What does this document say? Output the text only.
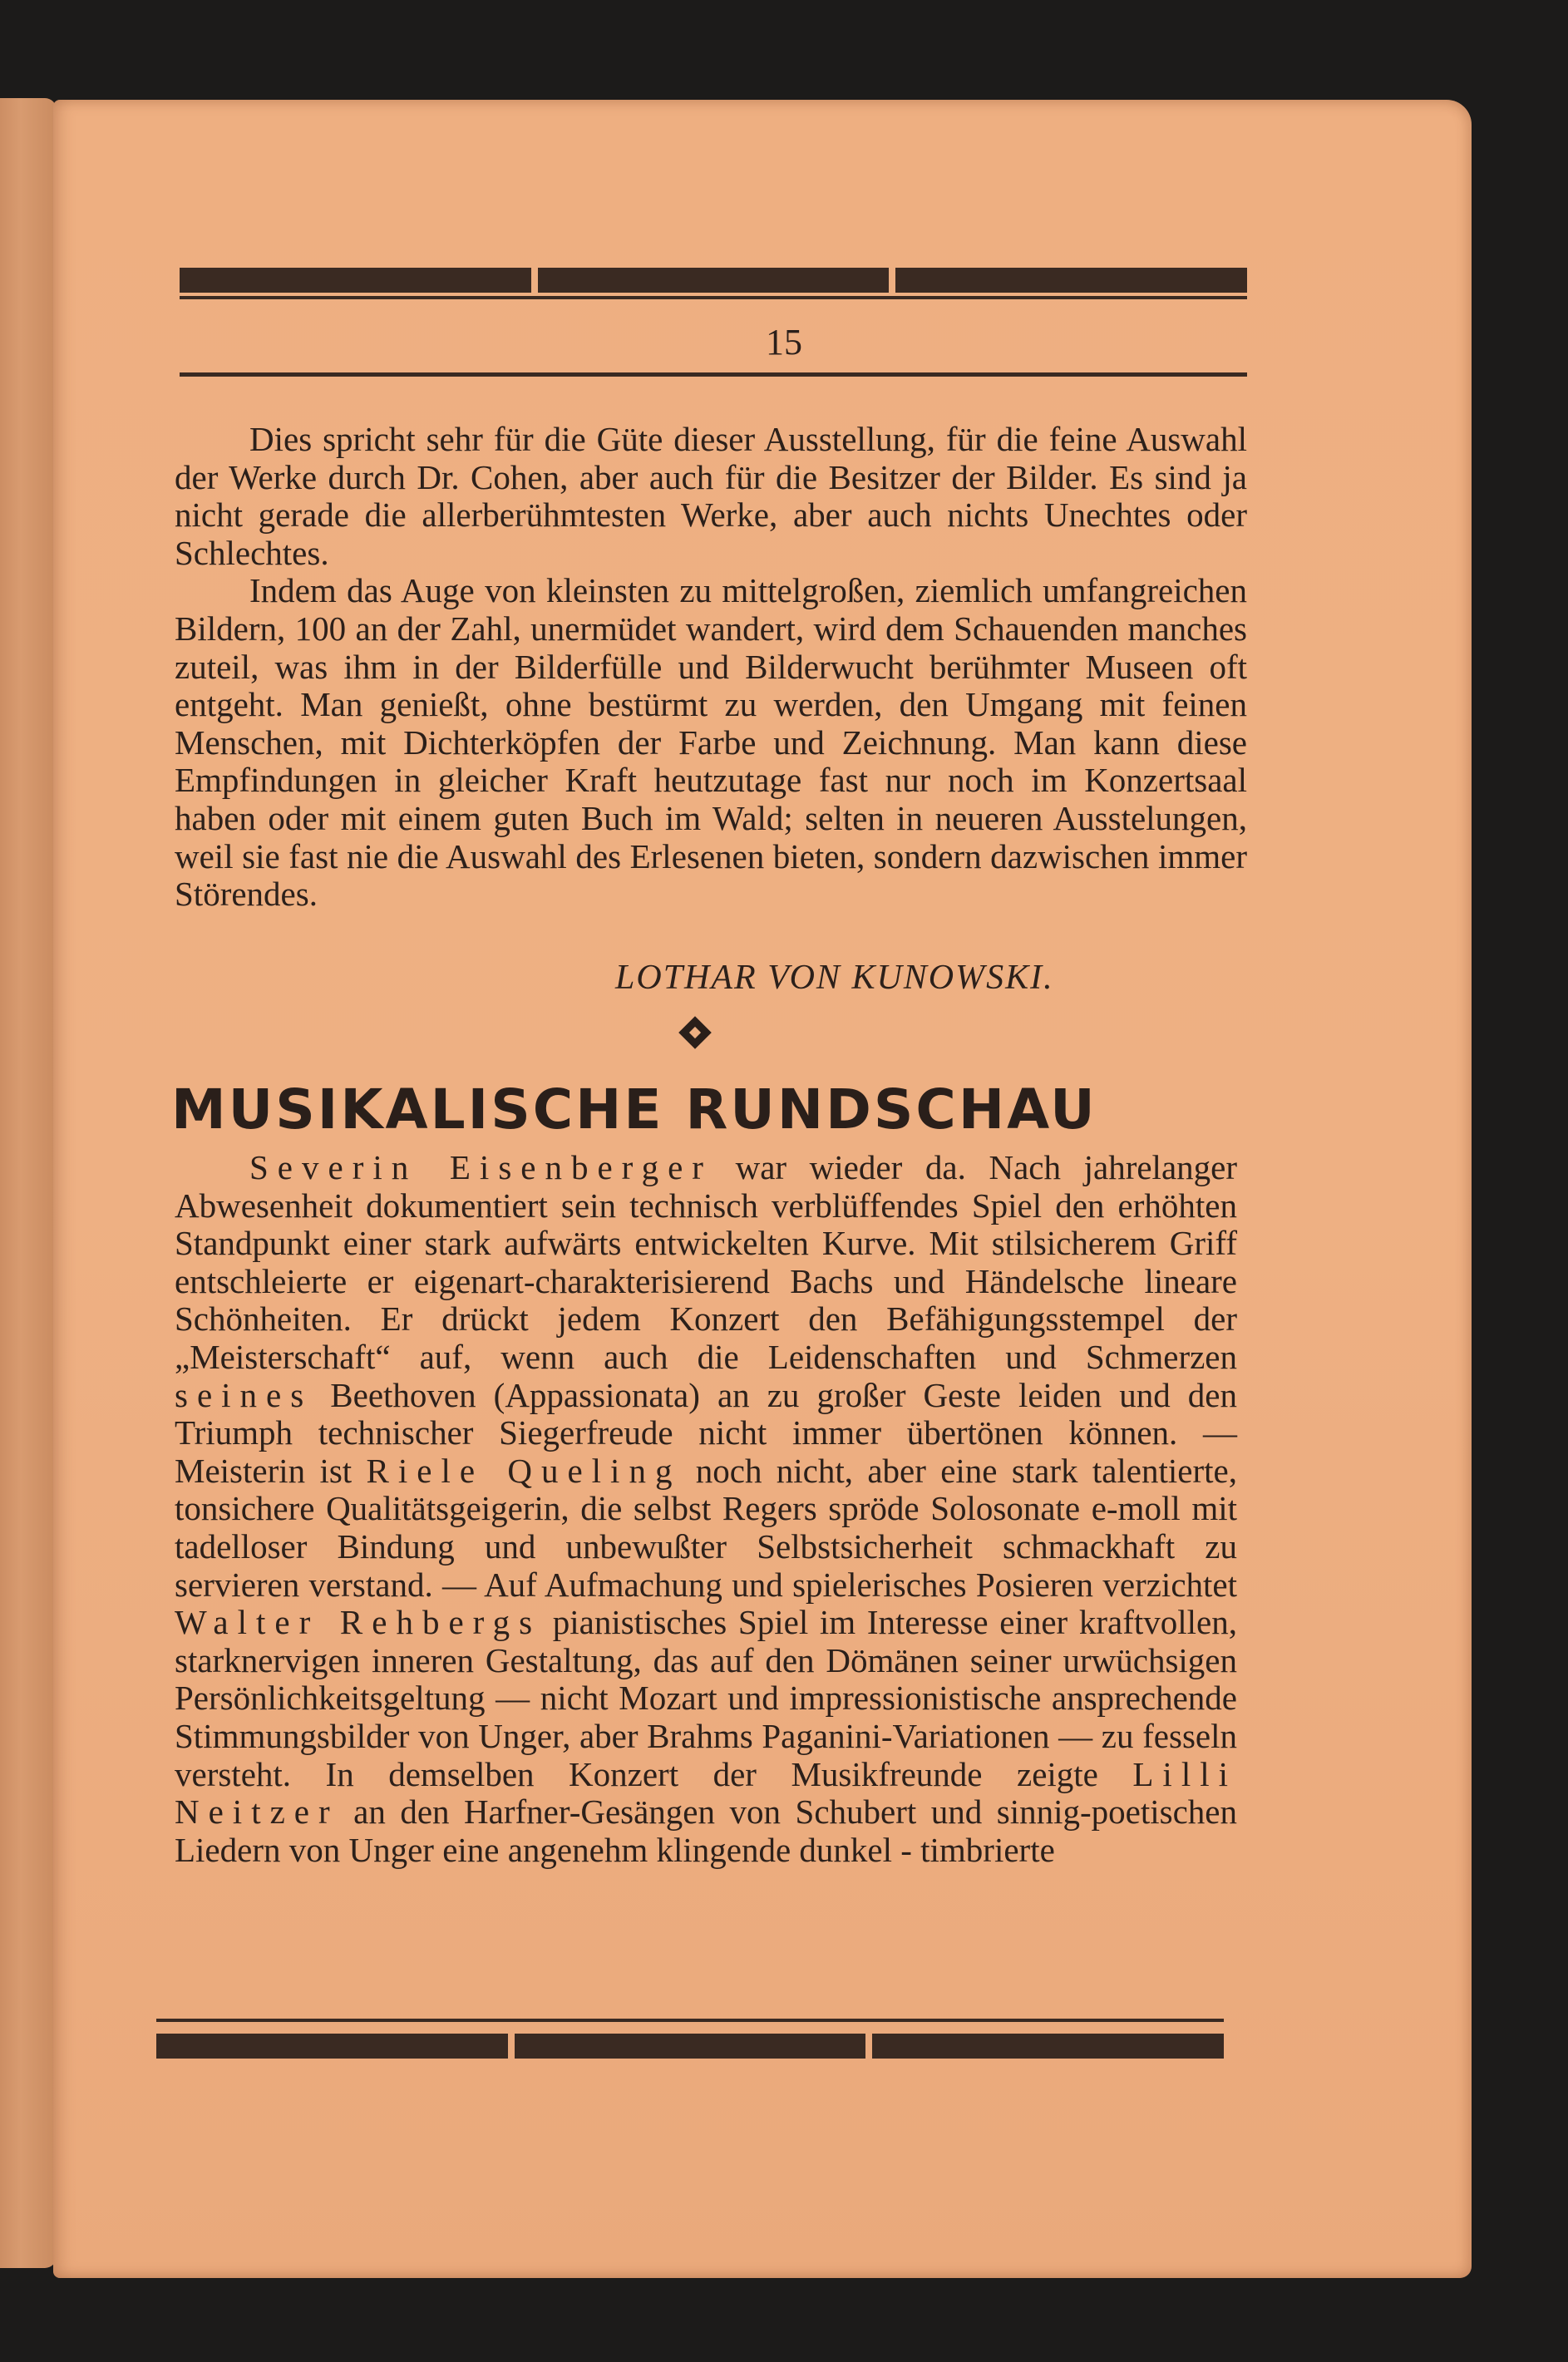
15

Dies spricht sehr für die Güte dieser Ausstellung, für die feine Auswahl der Werke durch Dr. Cohen, aber auch für die Besitzer der Bilder. Es sind ja nicht gerade die allerberühmtesten Werke, aber auch nichts Unechtes oder Schlechtes.

Indem das Auge von kleinsten zu mittelgroßen, ziemlich umfangreichen Bildern, 100 an der Zahl, unermüdet wandert, wird dem Schauenden manches zuteil, was ihm in der Bilderfülle und Bilderwucht berühmter Museen oft entgeht. Man genießt, ohne bestürmt zu werden, den Umgang mit feinen Menschen, mit Dichterköpfen der Farbe und Zeichnung. Man kann diese Empfindungen in gleicher Kraft heutzutage fast nur noch im Konzertsaal haben oder mit einem guten Buch im Wald; selten in neueren Ausstelungen, weil sie fast nie die Auswahl des Erlesenen bieten, sondern dazwischen immer Störendes.

LOTHAR VON KUNOWSKI.
MUSIKALISCHE RUNDSCHAU

Severin Eisenberger war wieder da. Nach jahrelanger Abwesenheit dokumentiert sein technisch verblüffendes Spiel den erhöhten Standpunkt einer stark aufwärts entwickelten Kurve. Mit stilsicherem Griff entschleierte er eigenart-charakterisierend Bachs und Händelsche lineare Schönheiten. Er drückt jedem Konzert den Befähigungsstempel der „Meisterschaft“ auf, wenn auch die Leidenschaften und Schmerzen seines Beethoven (Appassionata) an zu großer Geste leiden und den Triumph technischer Siegerfreude nicht immer übertönen können. — Meisterin ist Riele Queling noch nicht, aber eine stark talentierte, tonsichere Qualitätsgeigerin, die selbst Regers spröde Solosonate e-moll mit tadelloser Bindung und unbewußter Selbstsicherheit schmackhaft zu servieren verstand. — Auf Aufmachung und spielerisches Posieren verzichtet Walter Rehbergs pianistisches Spiel im Interesse einer kraftvollen, starknervigen inneren Gestaltung, das auf den Dömänen seiner urwüchsigen Persönlichkeitsgeltung — nicht Mozart und impressionistische ansprechende Stimmungsbilder von Unger, aber Brahms Paganini-Variationen — zu fesseln versteht. In demselben Konzert der Musikfreunde zeigte Lilli Neitzer an den Harfner-Gesängen von Schubert und sinnig-poetischen Liedern von Unger eine angenehm klingende dunkel - timbrierte
